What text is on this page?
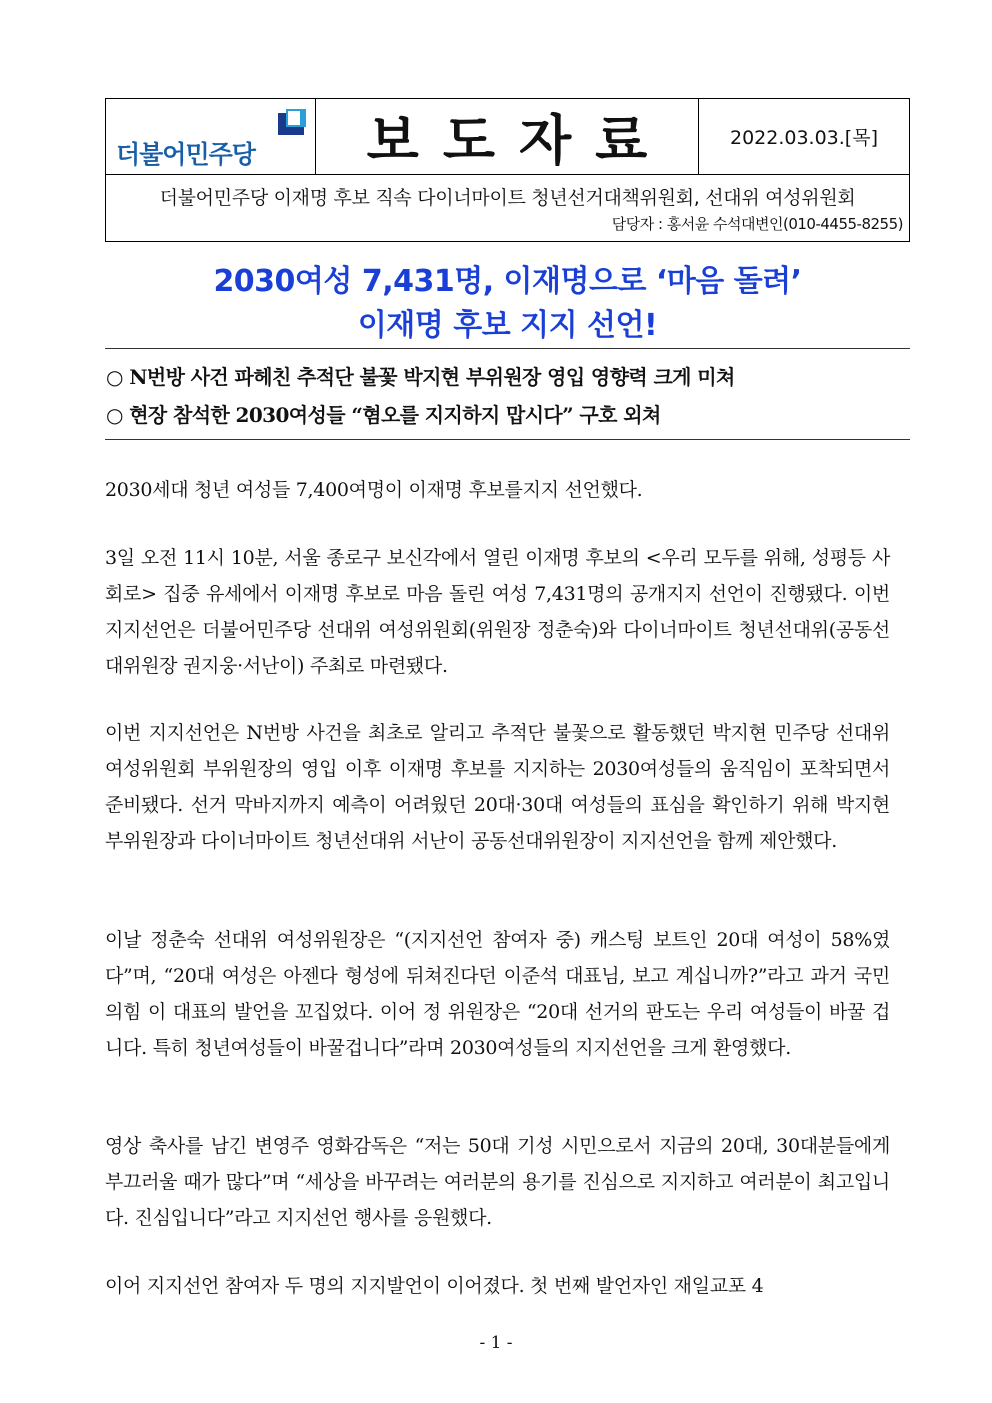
더불어민주당	보도자료	2022.03.03.[목]
더불어민주당 이재명 후보 직속 다이너마이트 청년선거대책위원회, 선대위 여성위원회
담당자 : 홍서윤 수석대변인(010-4455-8255)
2030여성 7,431명, 이재명으로 ‘마음 돌려’
이재명 후보 지지 선언!
○ N번방 사건 파헤친 추적단 불꽃 박지현 부위원장 영입 영향력 크게 미쳐
○ 현장 참석한 2030여성들 “혐오를 지지하지 맙시다” 구호 외쳐

2030세대 청년 여성들 7,400여명이 이재명 후보를지지 선언했다.

3일 오전 11시 10분, 서울 종로구 보신각에서 열린 이재명 후보의 <우리 모두를 위해, 성평등 사회로> 집중 유세에서 이재명 후보로 마음 돌린 여성 7,431명의 공개지지 선언이 진행됐다. 이번 지지선언은 더불어민주당 선대위 여성위원회(위원장 정춘숙)와 다이너마이트 청년선대위(공동선대위원장 권지웅·서난이) 주최로 마련됐다.

이번 지지선언은 N번방 사건을 최초로 알리고 추적단 불꽃으로 활동했던 박지현 민주당 선대위 여성위원회 부위원장의 영입 이후 이재명 후보를 지지하는 2030여성들의 움직임이 포착되면서 준비됐다. 선거 막바지까지 예측이 어려웠던 20대·30대 여성들의 표심을 확인하기 위해 박지현 부위원장과 다이너마이트 청년선대위 서난이 공동선대위원장이 지지선언을 함께 제안했다.

이날 정춘숙 선대위 여성위원장은 “(지지선언 참여자 중) 캐스팅 보트인 20대 여성이 58%였다”며, “20대 여성은 아젠다 형성에 뒤쳐진다던 이준석 대표님, 보고 계십니까?”라고 과거 국민의힘 이 대표의 발언을 꼬집었다. 이어 정 위원장은 “20대 선거의 판도는 우리 여성들이 바꿀 겁니다. 특히 청년여성들이 바꿀겁니다”라며 2030여성들의 지지선언을 크게 환영했다.

영상 축사를 남긴 변영주 영화감독은 “저는 50대 기성 시민으로서 지금의 20대, 30대분들에게 부끄러울 때가 많다”며 “세상을 바꾸려는 여러분의 용기를 진심으로 지지하고 여러분이 최고입니다. 진심입니다”라고 지지선언 행사를 응원했다.

이어 지지선언 참여자 두 명의 지지발언이 이어졌다. 첫 번째 발언자인 재일교포 4

- 1 -
